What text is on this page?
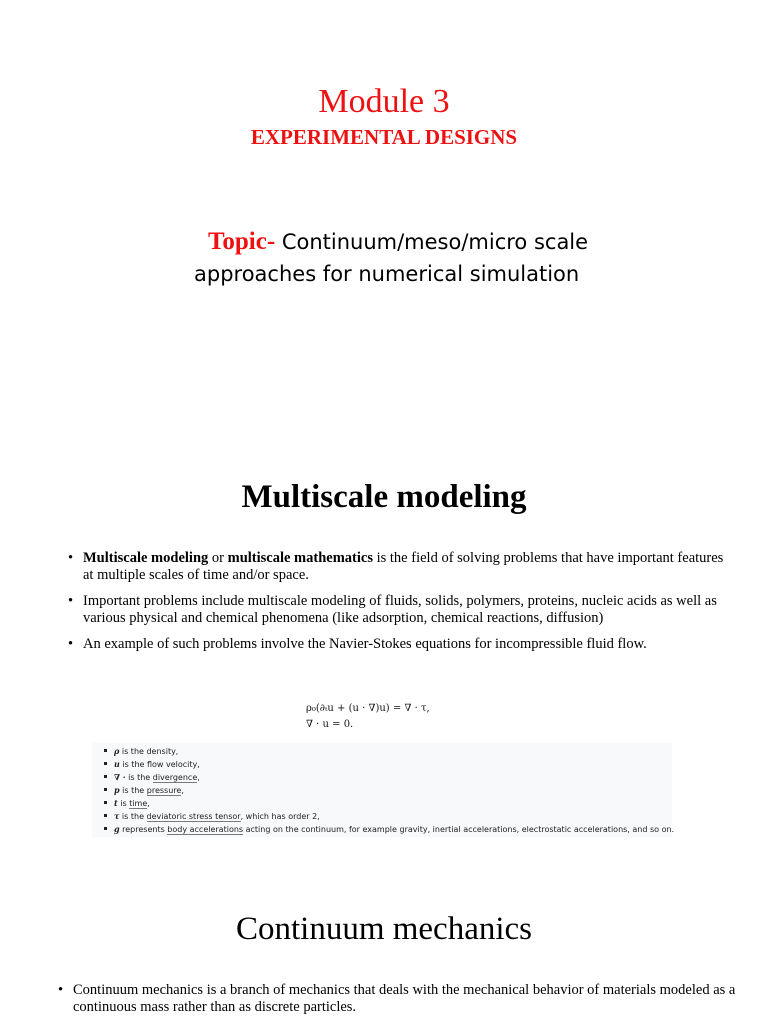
Module 3
EXPERIMENTAL DESIGNS
Topic- Continuum/meso/micro scale
approaches for numerical simulation
Multiscale modeling
• Multiscale modeling or multiscale mathematics is the field of solving problems that have important features at multiple scales of time and/or space.
• Important problems include multiscale modeling of fluids, solids, polymers, proteins, nucleic acids as well as various physical and chemical phenomena (like adsorption, chemical reactions, diffusion)
• An example of such problems involve the Navier-Stokes equations for incompressible fluid flow.
ρ₀(∂ₜu + (u · ∇)u) = ∇ · τ,
∇ · u = 0.
ρ is the density,
u is the flow velocity,
∇ · is the divergence,
p is the pressure,
t is time,
τ is the deviatoric stress tensor, which has order 2,
g represents body accelerations acting on the continuum, for example gravity, inertial accelerations, electrostatic accelerations, and so on.
Continuum mechanics
• Continuum mechanics is a branch of mechanics that deals with the mechanical behavior of materials modeled as a continuous mass rather than as discrete particles.
